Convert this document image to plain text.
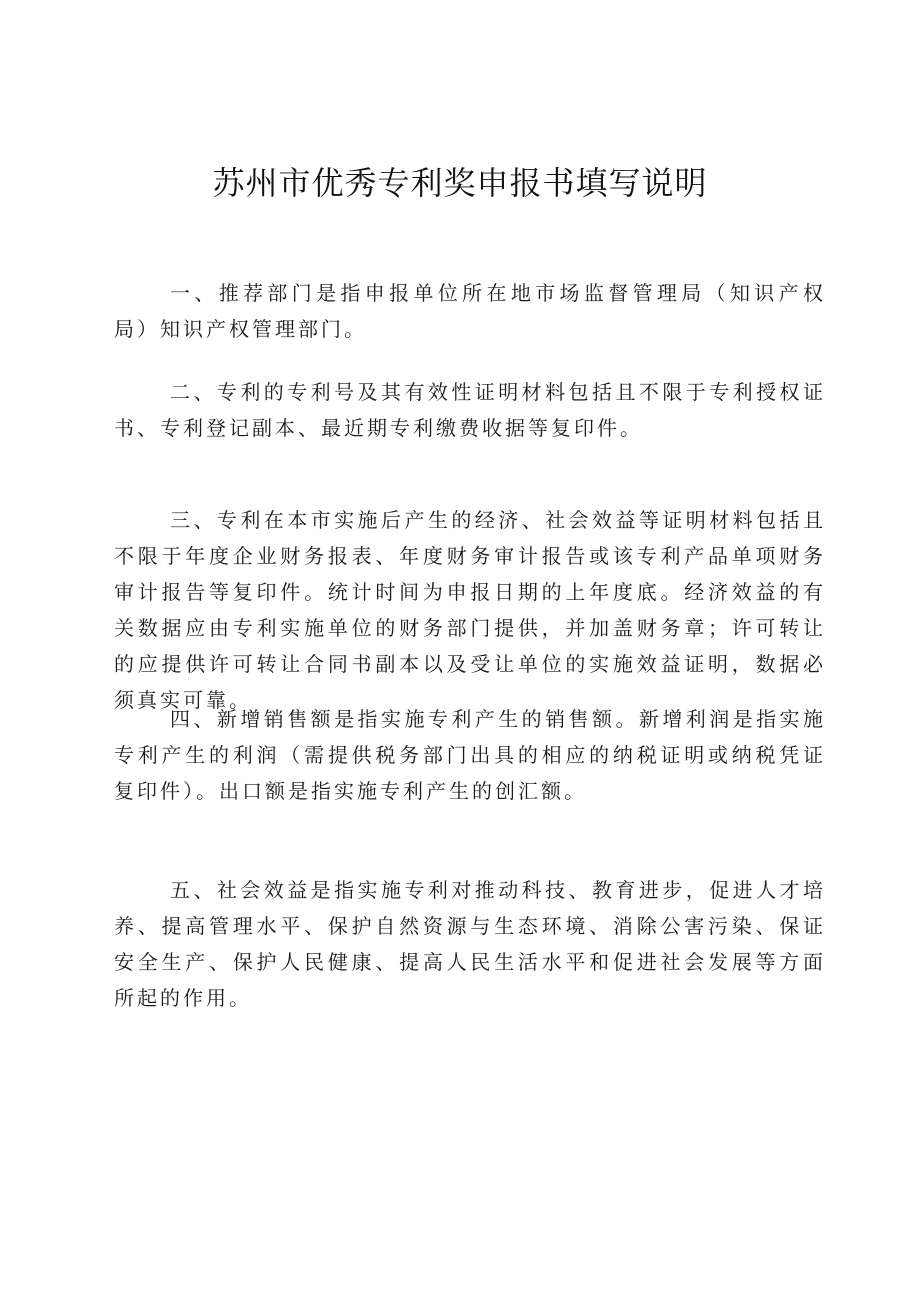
苏州市优秀专利奖申报书填写说明

一、推荐部门是指申报单位所在地市场监督管理局（知识产权局）知识产权管理部门。

二、专利的专利号及其有效性证明材料包括且不限于专利授权证书、专利登记副本、最近期专利缴费收据等复印件。

三、专利在本市实施后产生的经济、社会效益等证明材料包括且不限于年度企业财务报表、年度财务审计报告或该专利产品单项财务审计报告等复印件。统计时间为申报日期的上年度底。经济效益的有关数据应由专利实施单位的财务部门提供，并加盖财务章；许可转让的应提供许可转让合同书副本以及受让单位的实施效益证明，数据必须真实可靠。

四、新增销售额是指实施专利产生的销售额。新增利润是指实施专利产生的利润（需提供税务部门出具的相应的纳税证明或纳税凭证复印件）。出口额是指实施专利产生的创汇额。

五、社会效益是指实施专利对推动科技、教育进步，促进人才培养、提高管理水平、保护自然资源与生态环境、消除公害污染、保证安全生产、保护人民健康、提高人民生活水平和促进社会发展等方面所起的作用。
